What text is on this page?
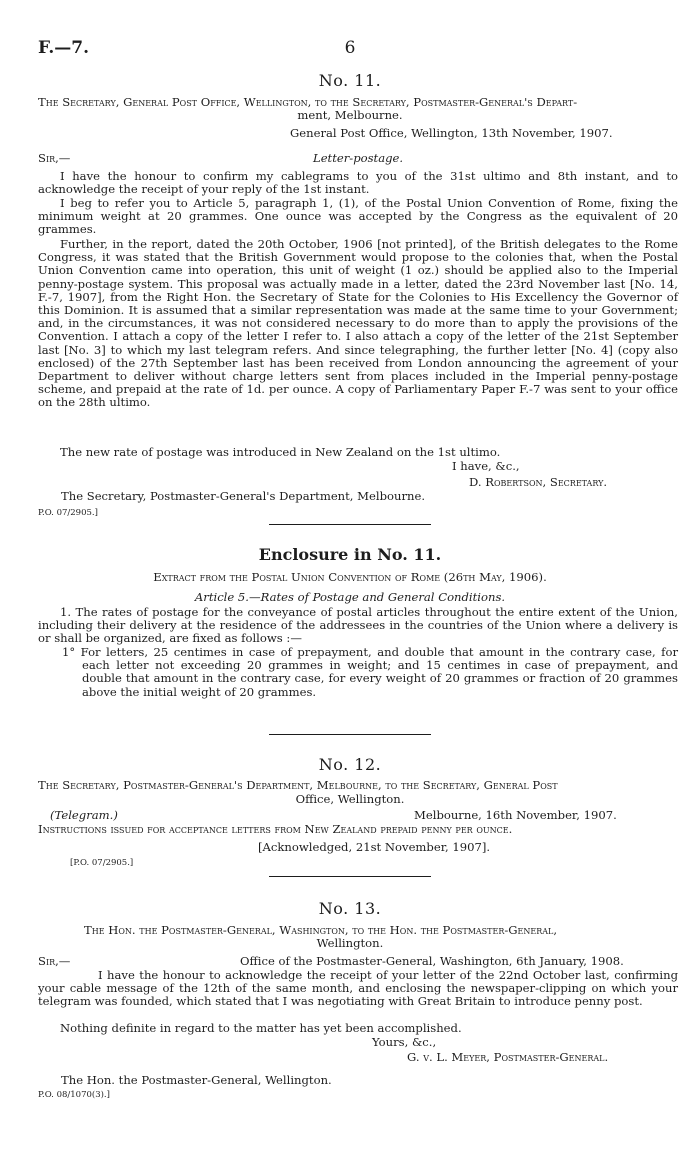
F.—7.	6
No. 11.
The Secretary, General Post Office, Wellington, to the Secretary, Postmaster-General's Depart-
ment, Melbourne.
General Post Office, Wellington, 13th November, 1907.
Sir,—	Letter-postage.
I have the honour to confirm my cablegrams to you of the 31st ultimo and 8th instant, and to acknowledge the receipt of your reply of the 1st instant.
I beg to refer you to Article 5, paragraph 1, (1), of the Postal Union Convention of Rome, fixing the minimum weight at 20 grammes. One ounce was accepted by the Congress as the equivalent of 20 grammes.
Further, in the report, dated the 20th October, 1906 [not printed], of the British delegates to the Rome Congress, it was stated that the British Government would propose to the colonies that, when the Postal Union Convention came into operation, this unit of weight (1 oz.) should be applied also to the Imperial penny-postage system. This proposal was actually made in a letter, dated the 23rd November last [No. 14, F.-7, 1907], from the Right Hon. the Secretary of State for the Colonies to His Excellency the Governor of this Dominion. It is assumed that a similar representation was made at the same time to your Government; and, in the circumstances, it was not considered necessary to do more than to apply the provisions of the Convention. I attach a copy of the letter I refer to. I also attach a copy of the letter of the 21st September last [No. 3] to which my last telegram refers. And since telegraphing, the further letter [No. 4] (copy also enclosed) of the 27th September last has been received from London announcing the agreement of your Department to deliver without charge letters sent from places included in the Imperial penny-postage scheme, and prepaid at the rate of 1d. per ounce. A copy of Parliamentary Paper F.-7 was sent to your office on the 28th ultimo.
The new rate of postage was introduced in New Zealand on the 1st ultimo.
I have, &c.,
D. Robertson, Secretary.
The Secretary, Postmaster-General's Department, Melbourne.
P.O. 07/2905.]
Enclosure in No. 11.
Extract from the Postal Union Convention of Rome (26th May, 1906).
Article 5.—Rates of Postage and General Conditions.
1. The rates of postage for the conveyance of postal articles throughout the entire extent of the Union, including their delivery at the residence of the addressees in the countries of the Union where a delivery is or shall be organized, are fixed as follows :—
1° For letters, 25 centimes in case of prepayment, and double that amount in the contrary case, for each letter not exceeding 20 grammes in weight; and 15 centimes in case of prepayment, and double that amount in the contrary case, for every weight of 20 grammes or fraction of 20 grammes above the initial weight of 20 grammes.
No. 12.
The Secretary, Postmaster-General's Department, Melbourne, to the Secretary, General Post
Office, Wellington.
(Telegram.)	Melbourne, 16th November, 1907.
Instructions issued for acceptance letters from New Zealand prepaid penny per ounce.
[Acknowledged, 21st November, 1907].
[P.O. 07/2905.]
No. 13.
The Hon. the Postmaster-General, Washington, to the Hon. the Postmaster-General,
Wellington.
Sir,—	Office of the Postmaster-General, Washington, 6th January, 1908.
I have the honour to acknowledge the receipt of your letter of the 22nd October last, confirming your cable message of the 12th of the same month, and enclosing the newspaper-clipping on which your telegram was founded, which stated that I was negotiating with Great Britain to introduce penny post.
Nothing definite in regard to the matter has yet been accomplished.
Yours, &c.,
G. v. L. Meyer, Postmaster-General.
The Hon. the Postmaster-General, Wellington.
P.O. 08/1070(3).]
